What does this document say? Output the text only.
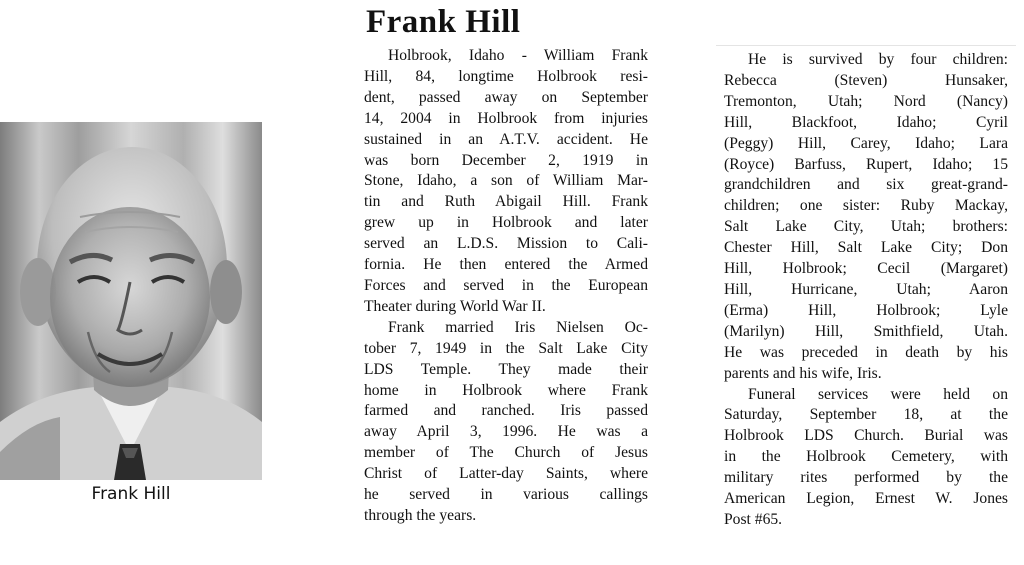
Frank Hill
Frank Hill
Holbrook, Idaho - William Frank
Hill, 84, longtime Holbrook resi-
dent, passed away on September
14, 2004 in Holbrook from injuries
sustained in an A.T.V. accident. He
was born December 2, 1919 in
Stone, Idaho, a son of William Mar-
tin and Ruth Abigail Hill. Frank
grew up in Holbrook and later
served an L.D.S. Mission to Cali-
fornia. He then entered the Armed
Forces and served in the European
Theater during World War II.
Frank married Iris Nielsen Oc-
tober 7, 1949 in the Salt Lake City
LDS Temple. They made their
home in Holbrook where Frank
farmed and ranched. Iris passed
away April 3, 1996. He was a
member of The Church of Jesus
Christ of Latter-day Saints, where
he served in various callings
through the years.
He is survived by four children:
Rebecca (Steven) Hunsaker,
Tremonton, Utah; Nord (Nancy)
Hill, Blackfoot, Idaho; Cyril
(Peggy) Hill, Carey, Idaho; Lara
(Royce) Barfuss, Rupert, Idaho; 15
grandchildren and six great-grand-
children; one sister: Ruby Mackay,
Salt Lake City, Utah; brothers:
Chester Hill, Salt Lake City; Don
Hill, Holbrook; Cecil (Margaret)
Hill, Hurricane, Utah; Aaron
(Erma) Hill, Holbrook; Lyle
(Marilyn) Hill, Smithfield, Utah.
He was preceded in death by his
parents and his wife, Iris.
Funeral services were held on
Saturday, September 18, at the
Holbrook LDS Church. Burial was
in the Holbrook Cemetery, with
military rites performed by the
American Legion, Ernest W. Jones
Post #65.
